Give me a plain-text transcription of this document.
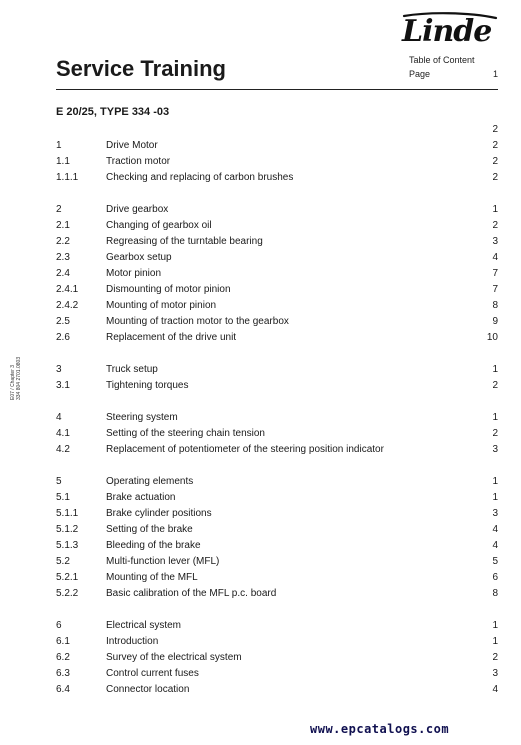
Linde
Service Training	Table of Content
Page	1
E 20/25, TYPE 334 -03
E07 / Chapter 3 334 804 2701.0803
2
1	Drive Motor	2
1.1	Traction motor	2
1.1.1	Checking and replacing of carbon brushes	2
2	Drive gearbox	1
2.1	Changing of gearbox oil	2
2.2	Regreasing of the turntable bearing	3
2.3	Gearbox setup	4
2.4	Motor pinion	7
2.4.1	Dismounting of motor pinion	7
2.4.2	Mounting of motor pinion	8
2.5	Mounting of traction motor to the gearbox	9
2.6	Replacement of the drive unit	10
3	Truck setup	1
3.1	Tightening torques	2
4	Steering system	1
4.1	Setting of the steering chain tension	2
4.2	Replacement of potentiometer of the steering position indicator	3
5	Operating elements	1
5.1	Brake actuation	1
5.1.1	Brake cylinder positions	3
5.1.2	Setting of the brake	4
5.1.3	Bleeding of the brake	4
5.2	Multi-function lever (MFL)	5
5.2.1	Mounting of the MFL	6
5.2.2	Basic calibration of the MFL p.c. board	8
6	Electrical system	1
6.1	Introduction	1
6.2	Survey of the electrical system	2
6.3	Control current fuses	3
6.4	Connector location	4
www.epcatalogs.com
